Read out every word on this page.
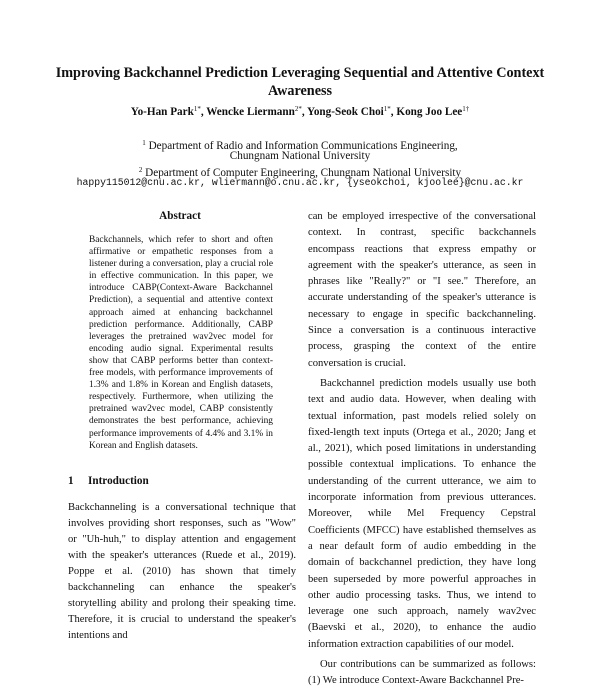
Improving Backchannel Prediction Leveraging Sequential and Attentive Context Awareness
Yo-Han Park$^{1*}$, Wencke Liermann$^{2*}$, Yong-Seok Choi$^{1*}$, Kong Joo Lee$^{1\dagger}$
$^1$ Department of Radio and Information Communications Engineering,
Chungnam National University
$^2$ Department of Computer Engineering, Chungnam National University
happy115012@cnu.ac.kr, wliermann@o.cnu.ac.kr, {yseokchoi, kjoolee}@cnu.ac.kr
Abstract

Backchannels, which refer to short and often affirmative or empathetic responses from a listener during a conversation, play a crucial role in effective communication. In this paper, we introduce CABP(Context-Aware Backchannel Prediction), a sequential and attentive context approach aimed at enhancing backchannel prediction performance. Additionally, CABP leverages the pretrained wav2vec model for encoding audio signal. Experimental results show that CABP performs better than context-free models, with performance improvements of 1.3% and 1.8% in Korean and English datasets, respectively. Furthermore, when utilizing the pretrained wav2vec model, CABP consistently demonstrates the best performance, achieving performance improvements of 4.4% and 3.1% in Korean and English datasets.

1 Introduction

Backchanneling is a conversational technique that involves providing short responses, such as "Wow" or "Uh-huh," to display attention and engagement with the speaker's utterances (Ruede et al., 2019). Poppe et al. (2010) has shown that timely backchanneling can enhance the speaker's storytelling ability and prolong their speaking time. Therefore, it is crucial to understand the speaker's intentions and

can be employed irrespective of the conversational context. In contrast, specific backchannels encompass reactions that express empathy or agreement with the speaker's utterance, as seen in phrases like "Really?" or "I see." Therefore, an accurate understanding of the speaker's utterance is necessary to engage in specific backchanneling. Since a conversation is a continuous interactive process, grasping the context of the entire conversation is crucial.

Backchannel prediction models usually use both text and audio data. However, when dealing with textual information, past models relied solely on fixed-length text inputs (Ortega et al., 2020; Jang et al., 2021), which posed limitations in understanding possible contextual implications. To enhance the understanding of the current utterance, we aim to incorporate information from previous utterances. Moreover, while Mel Frequency Cepstral Coefficients (MFCC) have established themselves as a near default form of audio embedding in the domain of backchannel prediction, they have long been superseded by more powerful approaches in other audio processing tasks. Thus, we intend to leverage one such approach, namely wav2vec (Baevski et al., 2020), to enhance the audio information extraction capabilities of our model.

Our contributions can be summarized as follows: (1) We introduce Context-Aware Backchannel Pre-
